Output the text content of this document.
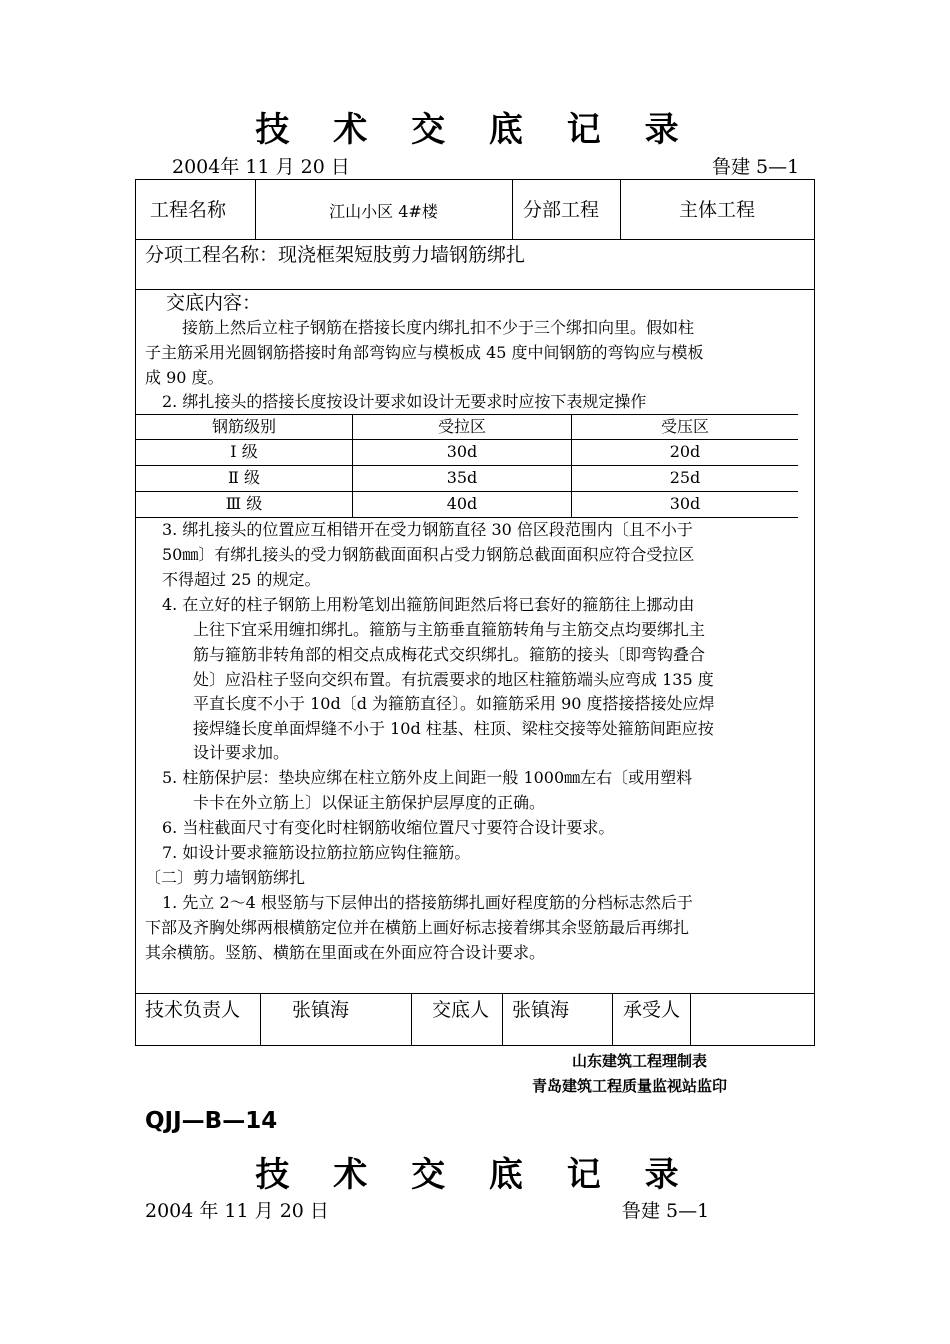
技 术 交 底 记 录
2004年 11 月 20 日	鲁建 5—1
工程名称	江山小区 4#楼	分部工程	主体工程
分项工程名称：现浇框架短肢剪力墙钢筋绑扎
交底内容：
接筋上然后立柱子钢筋在搭接长度内绑扎扣不少于三个绑扣向里。假如柱
子主筋采用光圆钢筋搭接时角部弯钩应与模板成 45 度中间钢筋的弯钩应与模板
成 90 度。
2. 绑扎接头的搭接长度按设计要求如设计无要求时应按下表规定操作
钢筋级别	受拉区	受压区
Ⅰ 级	30d	20d
Ⅱ 级	35d	25d
Ⅲ 级	40d	30d
3. 绑扎接头的位置应互相错开在受力钢筋直径 30 倍区段范围内〔且不小于
50㎜〕有绑扎接头的受力钢筋截面面积占受力钢筋总截面面积应符合受拉区
不得超过 25 的规定。
4. 在立好的柱子钢筋上用粉笔划出箍筋间距然后将已套好的箍筋往上挪动由
上往下宜采用缠扣绑扎。箍筋与主筋垂直箍筋转角与主筋交点均要绑扎主
筋与箍筋非转角部的相交点成梅花式交织绑扎。箍筋的接头〔即弯钩叠合
处〕应沿柱子竖向交织布置。有抗震要求的地区柱箍筋端头应弯成 135 度
平直长度不小于 10d〔d 为箍筋直径〕。如箍筋采用 90 度搭接搭接处应焊
接焊缝长度单面焊缝不小于 10d 柱基、柱顶、梁柱交接等处箍筋间距应按
设计要求加。
5. 柱筋保护层：垫块应绑在柱立筋外皮上间距一般 1000㎜左右〔或用塑料
卡卡在外立筋上〕以保证主筋保护层厚度的正确。
6. 当柱截面尺寸有变化时柱钢筋收缩位置尺寸要符合设计要求。
7. 如设计要求箍筋设拉筋拉筋应钩住箍筋。
〔二〕剪力墙钢筋绑扎
1. 先立 2～4 根竖筋与下层伸出的搭接筋绑扎画好程度筋的分档标志然后于
下部及齐胸处绑两根横筋定位并在横筋上画好标志接着绑其余竖筋最后再绑扎
其余横筋。竖筋、横筋在里面或在外面应符合设计要求。
技术负责人	张镇海	交底人 张镇海	承受人
山东建筑工程理制表
青岛建筑工程质量监视站监印
QJJ—B—14
技 术 交 底 记 录
2004 年 11 月 20 日	鲁建 5—1
